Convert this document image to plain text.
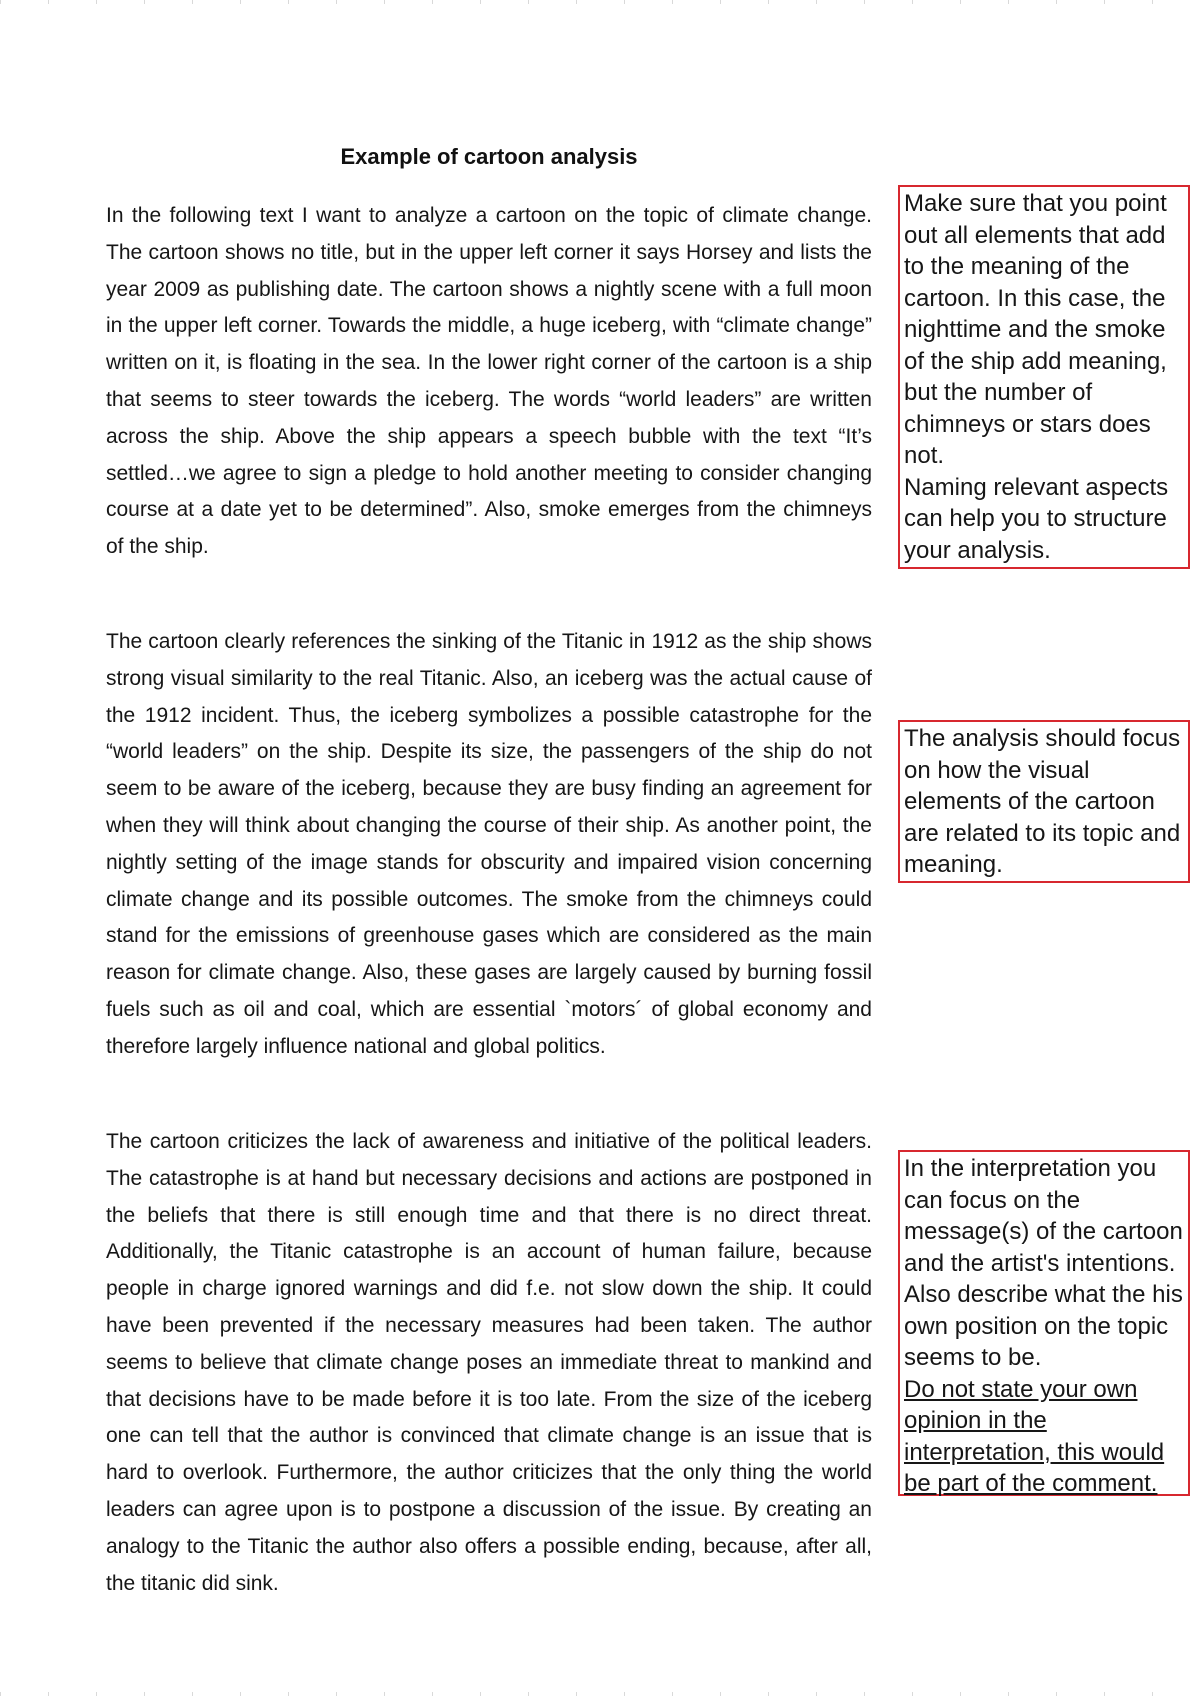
Example of cartoon analysis

In the following text I want to analyze a cartoon on the topic of climate change. The cartoon shows no title, but in the upper left corner it says Horsey and lists the year 2009 as publishing date. The cartoon shows a nightly scene with a full moon in the upper left corner. Towards the middle, a huge iceberg, with “climate change” written on it, is floating in the sea. In the lower right corner of the cartoon is a ship that seems to steer towards the iceberg. The words “world leaders” are written across the ship. Above the ship appears a speech bubble with the text “It’s settled…we agree to sign a pledge to hold another meeting to consider changing course at a date yet to be determined”. Also, smoke emerges from the chimneys of the ship.

The cartoon clearly references the sinking of the Titanic in 1912 as the ship shows strong visual similarity to the real Titanic. Also, an iceberg was the actual cause of the 1912 incident. Thus, the iceberg symbolizes a possible catastrophe for the “world leaders” on the ship. Despite its size, the passengers of the ship do not seem to be aware of the iceberg, because they are busy finding an agreement for when they will think about changing the course of their ship. As another point, the nightly setting of the image stands for obscurity and impaired vision concerning climate change and its possible outcomes. The smoke from the chimneys could stand for the emissions of greenhouse gases which are considered as the main reason for climate change. Also, these gases are largely caused by burning fossil fuels such as oil and coal, which are essential `motors´ of global economy and therefore largely influence national and global politics.

The cartoon criticizes the lack of awareness and initiative of the political leaders. The catastrophe is at hand but necessary decisions and actions are postponed in the beliefs that there is still enough time and that there is no direct threat. Additionally, the Titanic catastrophe is an account of human failure, because people in charge ignored warnings and did f.e. not slow down the ship. It could have been prevented if the necessary measures had been taken. The author seems to believe that climate change poses an immediate threat to mankind and that decisions have to be made before it is too late. From the size of the iceberg one can tell that the author is convinced that climate change is an issue that is hard to overlook. Furthermore, the author criticizes that the only thing the world leaders can agree upon is to postpone a discussion of the issue. By creating an analogy to the Titanic the author also offers a possible ending, because, after all, the titanic did sink.

Make sure that you point out all elements that add to the meaning of the cartoon. In this case, the nighttime and the smoke of the ship add meaning, but the number of chimneys or stars does not.

Naming relevant aspects can help you to structure your analysis.

The analysis should focus on how the visual elements of the cartoon are related to its topic and meaning.

In the interpretation you can focus on the message(s) of the cartoon and the artist's intentions. Also describe what the his own position on the topic seems to be.

Do not state your own opinion in the interpretation, this would be part of the comment.
